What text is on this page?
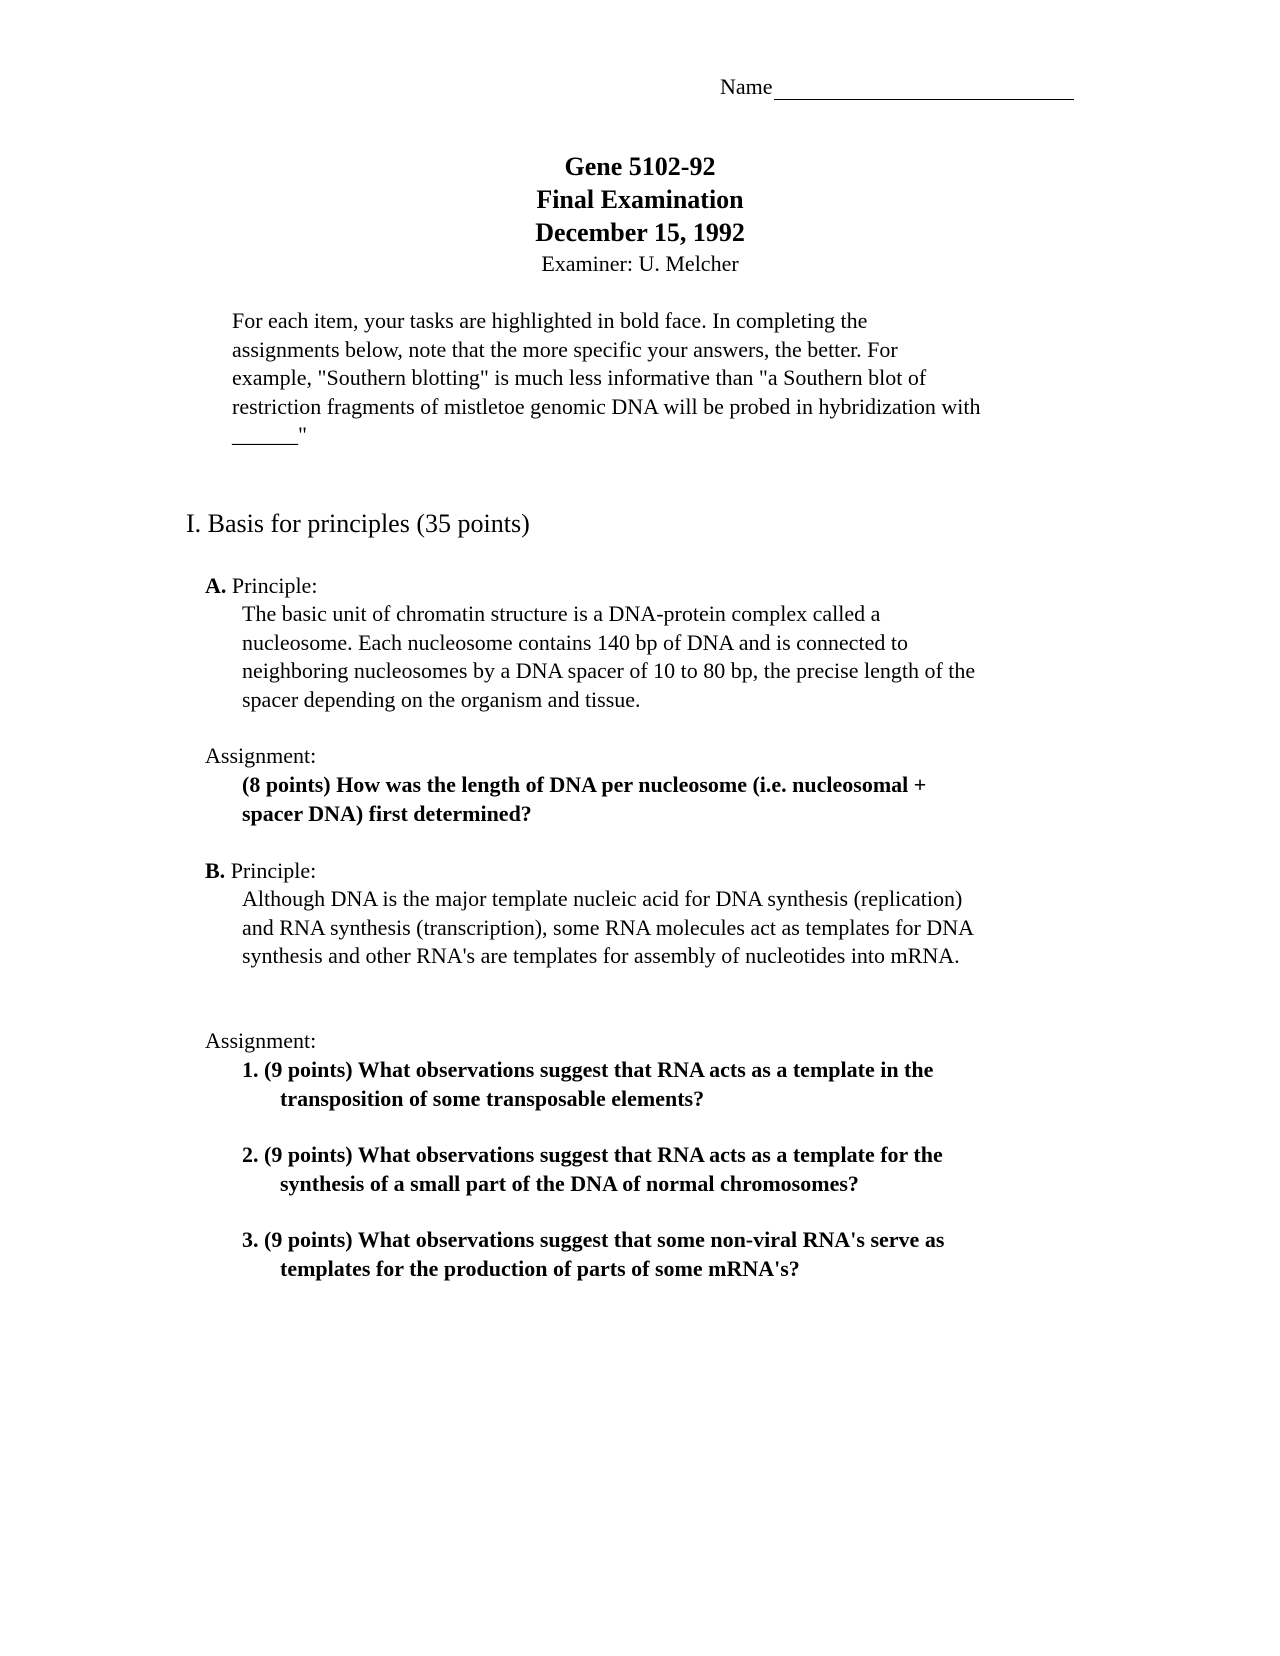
Name
Gene 5102-92
Final Examination
December 15, 1992
Examiner: U. Melcher
For each item, your tasks are highlighted in bold face. In completing the
assignments below, note that the more specific your answers, the better. For
example, "Southern blotting" is much less informative than "a Southern blot of
restriction fragments of mistletoe genomic DNA will be probed in hybridization with
______"
I. Basis for principles (35 points)
A. Principle:
The basic unit of chromatin structure is a DNA-protein complex called a
nucleosome. Each nucleosome contains 140 bp of DNA and is connected to
neighboring nucleosomes by a DNA spacer of 10 to 80 bp, the precise length of the
spacer depending on the organism and tissue.
Assignment:
(8 points) How was the length of DNA per nucleosome (i.e. nucleosomal +
spacer DNA) first determined?
B. Principle:
Although DNA is the major template nucleic acid for DNA synthesis (replication)
and RNA synthesis (transcription), some RNA molecules act as templates for DNA
synthesis and other RNA's are templates for assembly of nucleotides into mRNA.
Assignment:
1. (9 points) What observations suggest that RNA acts as a template in the
transposition of some transposable elements?
2. (9 points) What observations suggest that RNA acts as a template for the
synthesis of a small part of the DNA of normal chromosomes?
3. (9 points) What observations suggest that some non-viral RNA's serve as
templates for the production of parts of some mRNA's?
